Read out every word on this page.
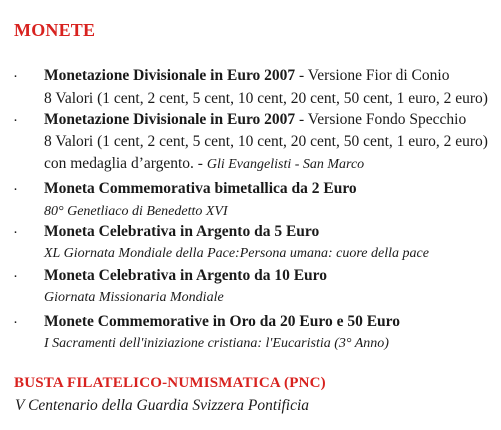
MONETE
· Monetazione Divisionale in Euro 2007 - Versione Fior di Conio
8 Valori (1 cent, 2 cent, 5 cent, 10 cent, 20 cent, 50 cent, 1 euro, 2 euro)
· Monetazione Divisionale in Euro 2007 - Versione Fondo Specchio
8 Valori (1 cent, 2 cent, 5 cent, 10 cent, 20 cent, 50 cent, 1 euro, 2 euro)
con medaglia d’argento. - Gli Evangelisti - San Marco
· Moneta Commemorativa bimetallica da 2 Euro
80° Genetliaco di Benedetto XVI
· Moneta Celebrativa in Argento da 5 Euro
XL Giornata Mondiale della Pace:Persona umana: cuore della pace
· Moneta Celebrativa in Argento da 10 Euro
Giornata Missionaria Mondiale
· Monete Commemorative in Oro da 20 Euro e 50 Euro
I Sacramenti dell'iniziazione cristiana: l'Eucaristia (3° Anno)
BUSTA FILATELICO-NUMISMATICA (PNC)
V Centenario della Guardia Svizzera Pontificia
